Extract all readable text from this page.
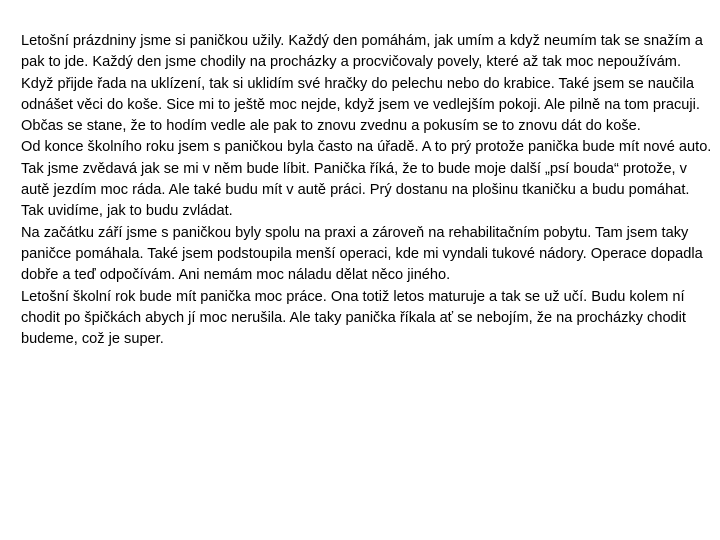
Letošní prázdniny jsme si paničkou užily. Každý den pomáhám, jak umím a když neumím tak se snažím a pak to jde. Každý den jsme chodily na procházky a procvičovaly povely, které až tak moc nepoužívám.

Když přijde řada na uklízení, tak si uklidím své hračky do pelechu nebo do krabice. Také jsem se naučila odnášet věci do koše. Sice mi to ještě moc nejde, když jsem ve vedlejším pokoji. Ale pilně na tom pracuji. Občas se stane, že to hodím vedle ale pak to znovu zvednu a pokusím se to znovu dát do koše.

Od konce školního roku jsem s paničkou byla často na úřadě. A to prý protože panička bude mít nové auto. Tak jsme zvědavá jak se mi v něm bude líbit. Panička říká, že to bude moje další „psí bouda“ protože, v autě jezdím moc ráda. Ale také budu mít v autě práci. Prý dostanu na plošinu tkaničku a budu pomáhat. Tak uvidíme, jak to budu zvládat.

Na začátku září jsme s paničkou byly spolu na praxi a zároveň na rehabilitačním pobytu. Tam jsem taky paničce pomáhala. Také jsem podstoupila menší operaci, kde mi vyndali tukové nádory. Operace dopadla dobře a teď odpočívám. Ani nemám moc náladu dělat něco jiného.

Letošní školní rok bude mít panička moc práce. Ona totiž letos maturuje a tak se už učí. Budu kolem ní chodit po špičkách abych jí moc nerušila. Ale taky panička říkala ať se nebojím, že na procházky chodit budeme, což je super.
